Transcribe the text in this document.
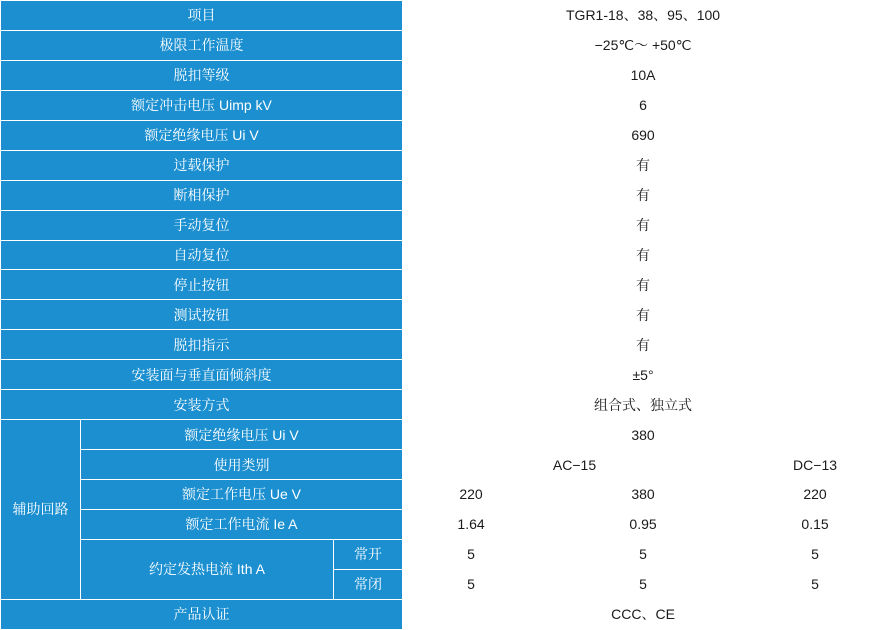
项目			TGR1-18、38、95、100		
极限工作温度			−25℃～ +50℃		
脱扣等级			10A		
额定冲击电压 Uimp kV			6		
额定绝缘电压 Ui V			690		
过载保护			有		
断相保护			有		
手动复位			有		
自动复位			有		
停止按钮			有		
测试按钮			有		
脱扣指示			有		
安装面与垂直面倾斜度			±5°		
安装方式			组合式、独立式		
辅助回路	额定绝缘电压 Ui V		380		
	使用类别		AC−15		DC−13
	额定工作电压 Ue V		220	380	220
	额定工作电流 Ie A		1.64	0.95	0.15
	约定发热电流 Ith A	常开	5	5	5
		常闭	5	5	5
产品认证			CCC、CE		
